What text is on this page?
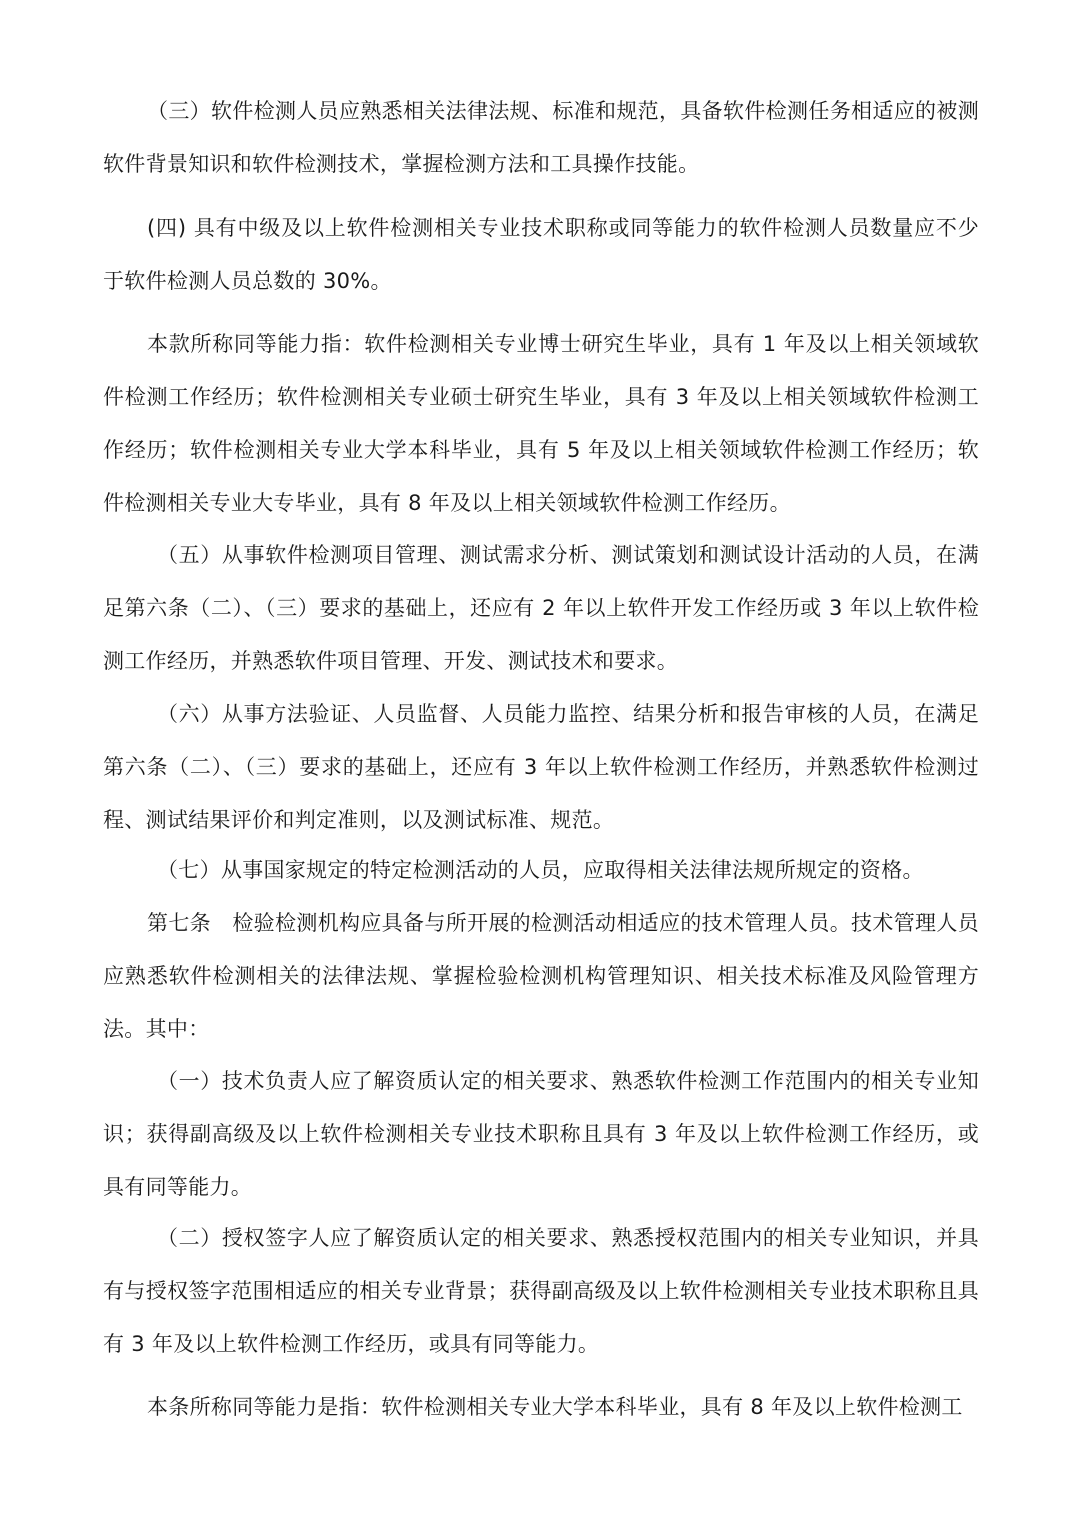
（三）软件检测人员应熟悉相关法律法规、标准和规范，具备软件检测任务相适应的被测软件背景知识和软件检测技术，掌握检测方法和工具操作技能。

(四) 具有中级及以上软件检测相关专业技术职称或同等能力的软件检测人员数量应不少于软件检测人员总数的 30%。

本款所称同等能力指：软件检测相关专业博士研究生毕业，具有 1 年及以上相关领域软件检测工作经历；软件检测相关专业硕士研究生毕业，具有 3 年及以上相关领域软件检测工作经历；软件检测相关专业大学本科毕业，具有 5 年及以上相关领域软件检测工作经历；软件检测相关专业大专毕业，具有 8 年及以上相关领域软件检测工作经历。

（五）从事软件检测项目管理、测试需求分析、测试策划和测试设计活动的人员，在满足第六条（二）、（三）要求的基础上，还应有 2 年以上软件开发工作经历或 3 年以上软件检测工作经历，并熟悉软件项目管理、开发、测试技术和要求。

（六）从事方法验证、人员监督、人员能力监控、结果分析和报告审核的人员，在满足第六条（二）、（三）要求的基础上，还应有 3 年以上软件检测工作经历，并熟悉软件检测过程、测试结果评价和判定准则，以及测试标准、规范。

（七）从事国家规定的特定检测活动的人员，应取得相关法律法规所规定的资格。

第七条　检验检测机构应具备与所开展的检测活动相适应的技术管理人员。技术管理人员应熟悉软件检测相关的法律法规、掌握检验检测机构管理知识、相关技术标准及风险管理方法。其中：

（一）技术负责人应了解资质认定的相关要求、熟悉软件检测工作范围内的相关专业知识；获得副高级及以上软件检测相关专业技术职称且具有 3 年及以上软件检测工作经历，或具有同等能力。

（二）授权签字人应了解资质认定的相关要求、熟悉授权范围内的相关专业知识，并具有与授权签字范围相适应的相关专业背景；获得副高级及以上软件检测相关专业技术职称且具有 3 年及以上软件检测工作经历，或具有同等能力。

本条所称同等能力是指：软件检测相关专业大学本科毕业，具有 8 年及以上软件检测工
